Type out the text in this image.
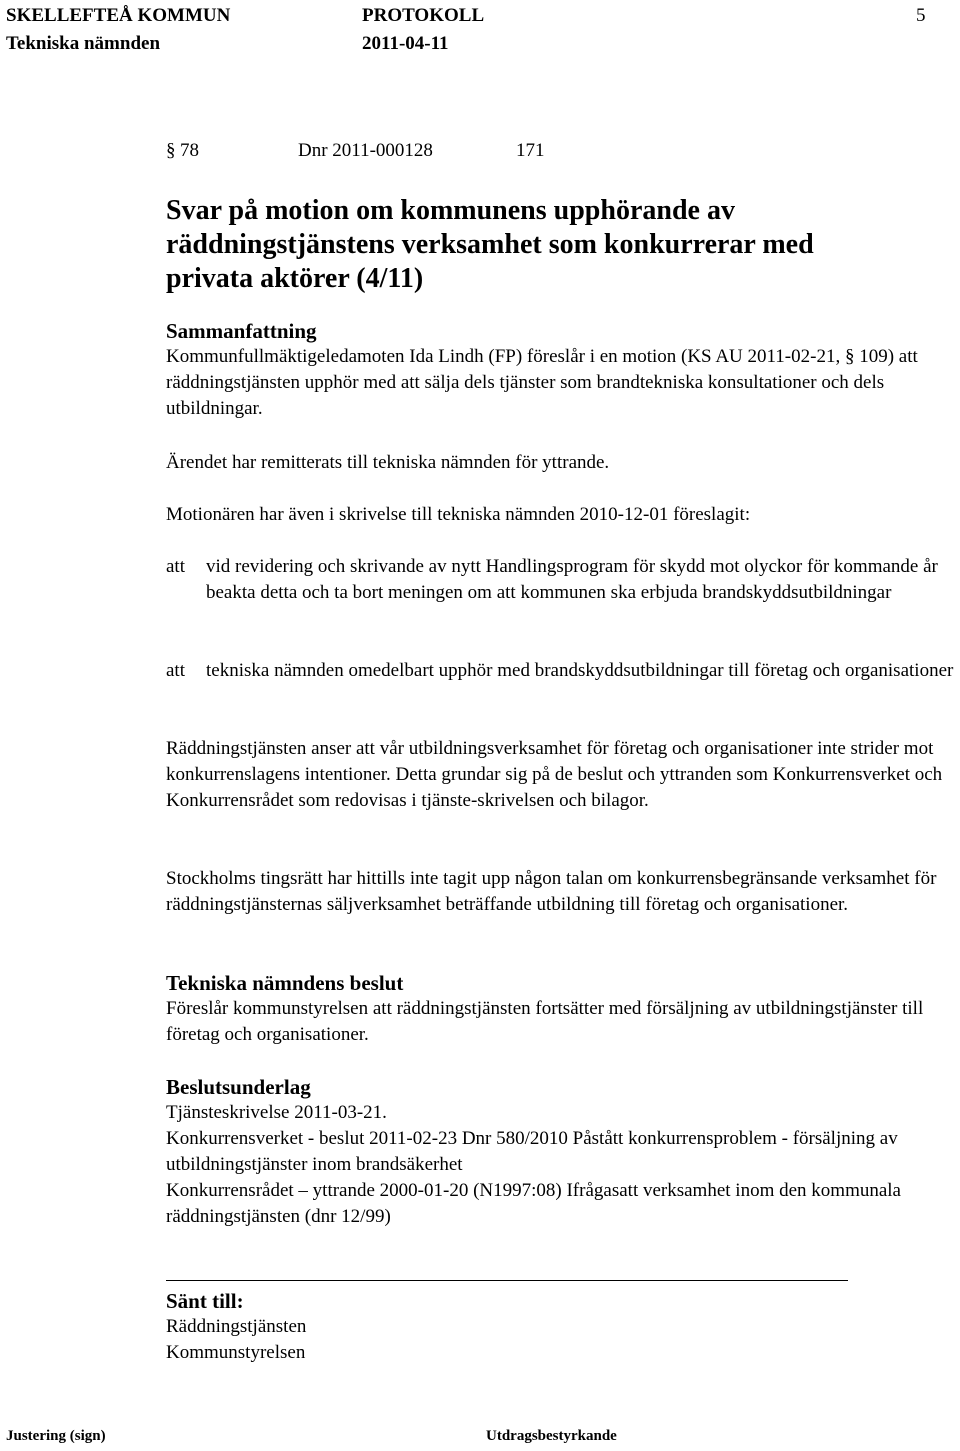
SKELLEFTEÅ KOMMUN	PROTOKOLL	5
Tekniska nämnden	2011-04-11
§ 78	Dnr 2011-000128	171
Svar på motion om kommunens upphörande av räddningstjänstens verksamhet som konkurrerar med privata aktörer (4/11)
Sammanfattning

Kommunfullmäktigeledamoten Ida Lindh (FP) föreslår i en motion (KS AU 2011-02-21, § 109) att räddningstjänsten upphör med att sälja dels tjänster som brandtekniska konsultationer och dels utbildningar.

Ärendet har remitterats till tekniska nämnden för yttrande.
Motionären har även i skrivelse till tekniska nämnden 2010-12-01 föreslagit:
att vid revidering och skrivande av nytt Handlingsprogram för skydd mot olyckor för kommande år beakta detta och ta bort meningen om att kommunen ska erbjuda brandskyddsutbildningar
att tekniska nämnden omedelbart upphör med brandskyddsutbildningar till företag och organisationer
Räddningstjänsten anser att vår utbildningsverksamhet för företag och organisationer inte strider mot konkurrenslagens intentioner. Detta grundar sig på de beslut och yttranden som Konkurrensverket och Konkurrensrådet som redovisas i tjänste-skrivelsen och bilagor.
Stockholms tingsrätt har hittills inte tagit upp någon talan om konkurrensbegränsande verksamhet för räddningstjänsternas säljverksamhet beträffande utbildning till företag och organisationer.
Tekniska nämndens beslut

Föreslår kommunstyrelsen att räddningstjänsten fortsätter med försäljning av utbildningstjänster till företag och organisationer.

Beslutsunderlag

Tjänsteskrivelse 2011-03-21.

Konkurrensverket - beslut 2011-02-23 Dnr 580/2010 Påstått konkurrensproblem - försäljning av utbildningstjänster inom brandsäkerhet

Konkurrensrådet – yttrande 2000-01-20 (N1997:08) Ifrågasatt verksamhet inom den kommunala räddningstjänsten (dnr 12/99)

Sänt till:

Räddningstjänsten

Kommunstyrelsen

Justering (sign)	Utdragsbestyrkande
